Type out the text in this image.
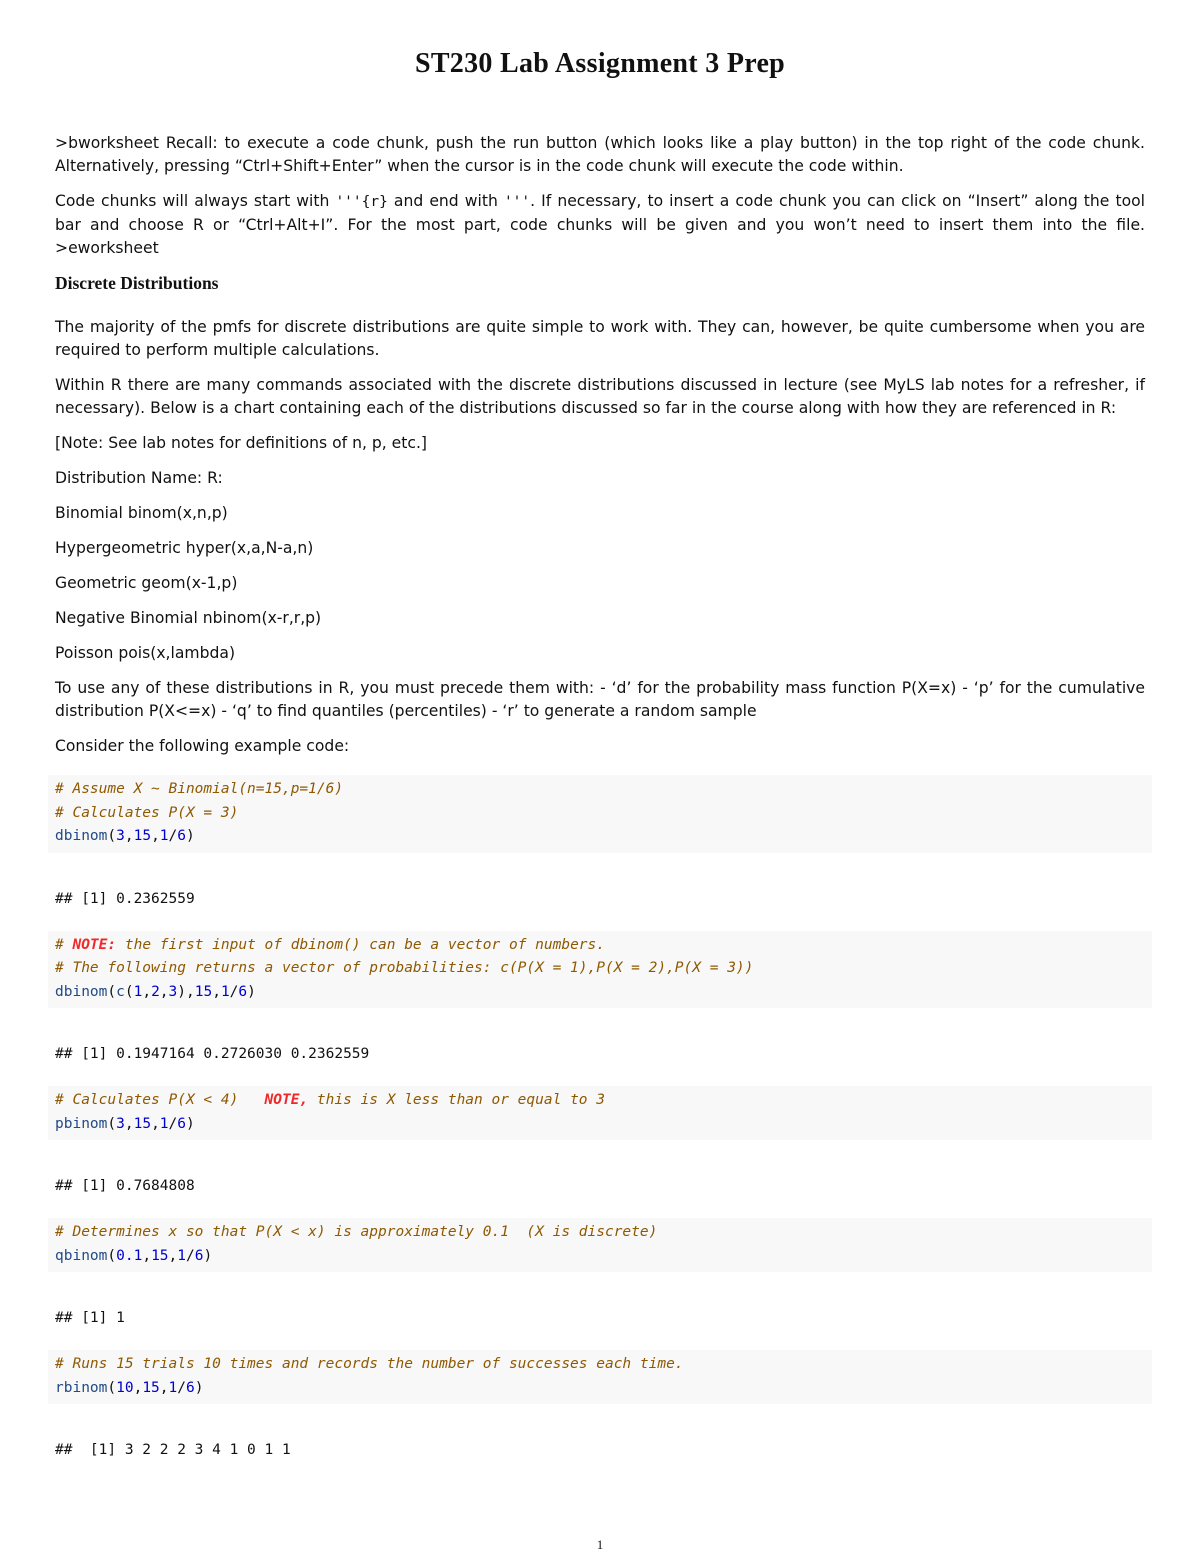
ST230 Lab Assignment 3 Prep

>bworksheet Recall: to execute a code chunk, push the run button (which looks like a play button) in the top right of the code chunk. Alternatively, pressing “Ctrl+Shift+Enter” when the cursor is in the code chunk will execute the code within.

Code chunks will always start with '''{r} and end with '''. If necessary, to insert a code chunk you can click on “Insert” along the tool bar and choose R or “Ctrl+Alt+I”. For the most part, code chunks will be given and you won’t need to insert them into the file. >eworksheet

Discrete Distributions

The majority of the pmfs for discrete distributions are quite simple to work with. They can, however, be quite cumbersome when you are required to perform multiple calculations.

Within R there are many commands associated with the discrete distributions discussed in lecture (see MyLS lab notes for a refresher, if necessary). Below is a chart containing each of the distributions discussed so far in the course along with how they are referenced in R:

[Note: See lab notes for definitions of n, p, etc.]

Distribution Name: R:

Binomial binom(x,n,p)

Hypergeometric hyper(x,a,N-a,n)

Geometric geom(x-1,p)

Negative Binomial nbinom(x-r,r,p)

Poisson pois(x,lambda)

To use any of these distributions in R, you must precede them with: - ‘d’ for the probability mass function P(X=x) - ‘p’ for the cumulative distribution P(X<=x) - ‘q’ to find quantiles (percentiles) - ‘r’ to generate a random sample

Consider the following example code:

# Assume X ~ Binomial(n=15,p=1/6)
# Calculates P(X = 3)
dbinom(3,15,1/6)
## [1] 0.2362559
# NOTE: the first input of dbinom() can be a vector of numbers.
# The following returns a vector of probabilities: c(P(X = 1),P(X = 2),P(X = 3))
dbinom(c(1,2,3),15,1/6)
## [1] 0.1947164 0.2726030 0.2362559
# Calculates P(X < 4)   NOTE, this is X less than or equal to 3
pbinom(3,15,1/6)
## [1] 0.7684808
# Determines x so that P(X < x) is approximately 0.1  (X is discrete)
qbinom(0.1,15,1/6)
## [1] 1
# Runs 15 trials 10 times and records the number of successes each time.
rbinom(10,15,1/6)
##  [1] 3 2 2 2 3 4 1 0 1 1
1
